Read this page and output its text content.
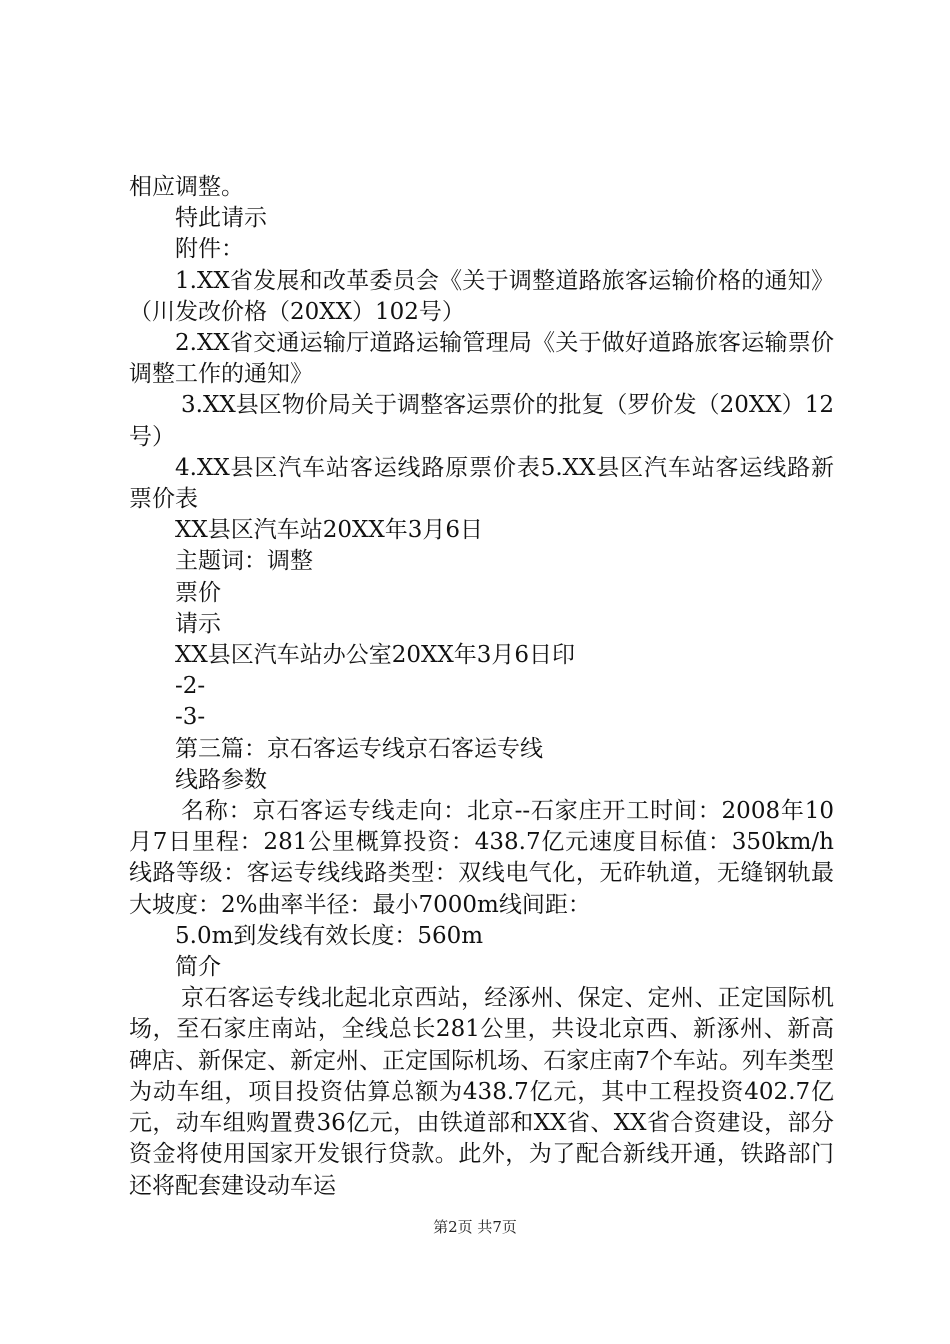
相应调整。

特此请示

附件：

1.XX省发展和改革委员会《关于调整道路旅客运输价格的通知》（川发改价格（20XX）102号）

2.XX省交通运输厅道路运输管理局《关于做好道路旅客运输票价调整工作的通知》

3.XX县区物价局关于调整客运票价的批复（罗价发（20XX）12号）

4.XX县区汽车站客运线路原票价表5.XX县区汽车站客运线路新票价表

XX县区汽车站20XX年3月6日

主题词：调整

票价

请示

XX县区汽车站办公室20XX年3月6日印

-2-

-3-

第三篇：京石客运专线京石客运专线

线路参数

名称：京石客运专线走向：北京--石家庄开工时间：2008年10月7日里程：281公里概算投资：438.7亿元速度目标值：350km/h线路等级：客运专线线路类型：双线电气化，无砟轨道，无缝钢轨最大坡度：2%曲率半径：最小7000m线间距：

5.0m到发线有效长度：560m

简介

京石客运专线北起北京西站，经涿州、保定、定州、正定国际机场，至石家庄南站，全线总长281公里，共设北京西、新涿州、新高碑店、新保定、新定州、正定国际机场、石家庄南7个车站。列车类型为动车组，项目投资估算总额为438.7亿元，其中工程投资402.7亿元，动车组购置费36亿元，由铁道部和XX省、XX省合资建设，部分资金将使用国家开发银行贷款。此外，为了配合新线开通，铁路部门还将配套建设动车运

第2页 共7页
